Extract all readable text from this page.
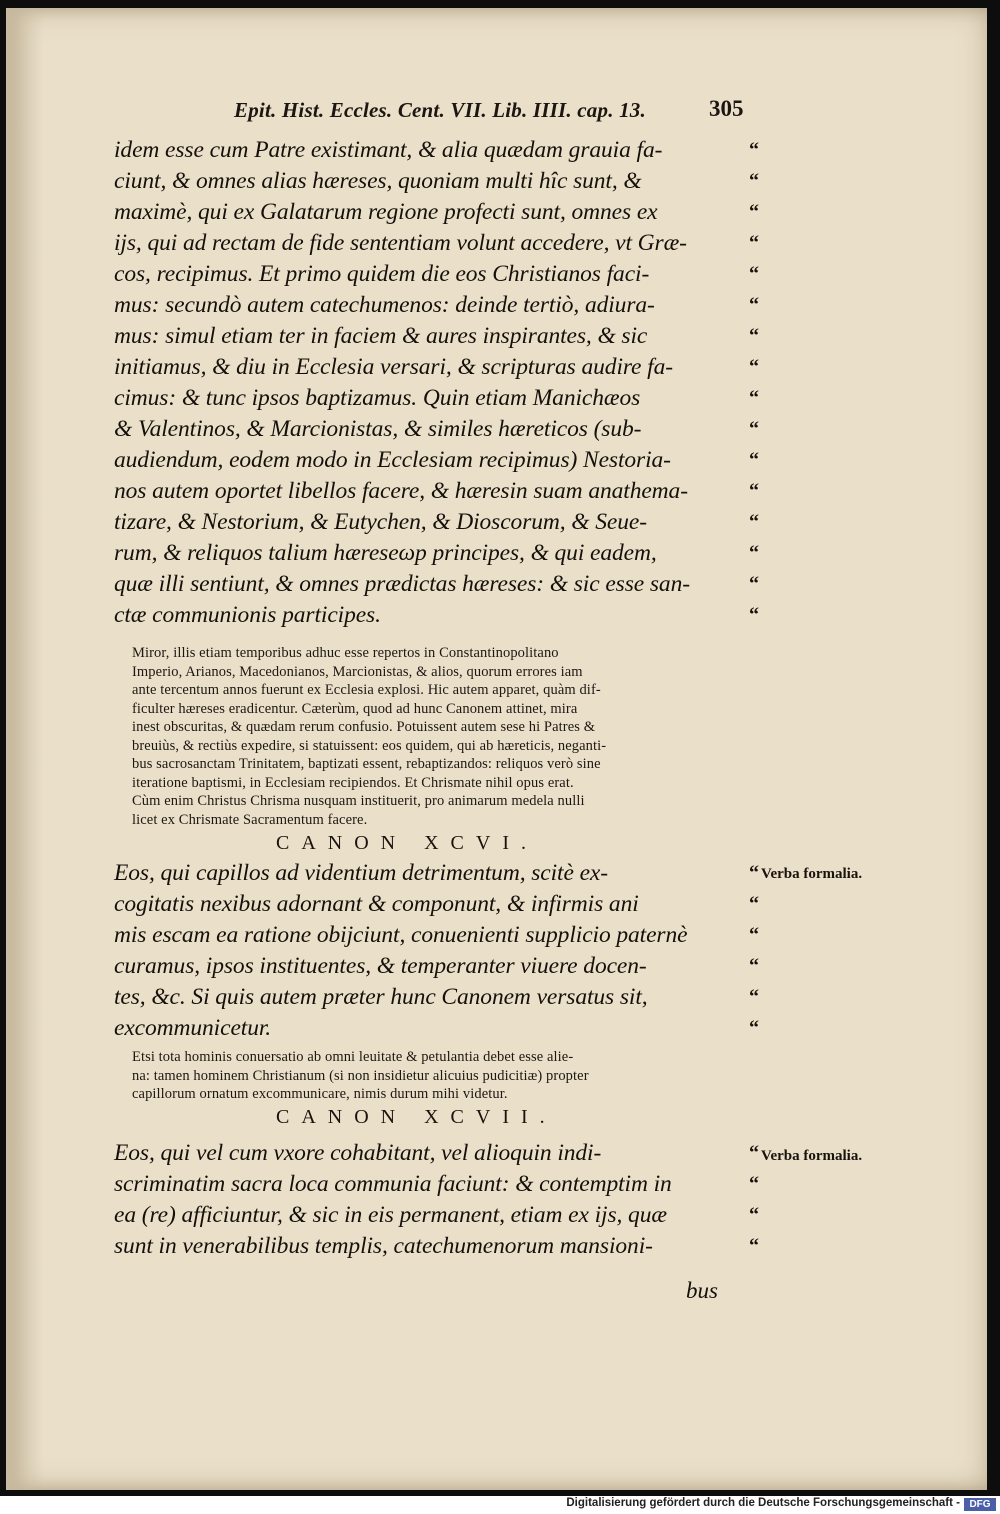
Epit. Hist. Eccles. Cent. VII. Lib. IIII. cap. 13.	305
idem esse cum Patre existimant, & alia quædam grauia fa-
ciunt, & omnes alias hæreses, quoniam multi hîc sunt, &
maximè, qui ex Galatarum regione profecti sunt, omnes ex
ijs, qui ad rectam de fide sententiam volunt accedere, vt Græ-
cos, recipimus. Et primo quidem die eos Christianos faci-
mus: secundò autem catechumenos: deinde tertiò, adiura-
mus: simul etiam ter in faciem & aures inspirantes, & sic
initiamus, & diu in Ecclesia versari, & scripturas audire fa-
cimus: & tunc ipsos baptizamus. Quin etiam Manichæos
& Valentinos, & Marcionistas, & similes hæreticos (sub-
audiendum, eodem modo in Ecclesiam recipimus) Nestoria-
nos autem oportet libellos facere, & hæresin suam anathema-
tizare, & Nestorium, & Eutychen, & Dioscorum, & Seue-
rum, & reliquos talium hæreseωp principes, & qui eadem,
quæ illi sentiunt, & omnes prædictas hæreses: & sic esse san-
ctæ communionis participes.
“
“
“
“
“
“
“
“
“
“
“
“
“
“
“
“
Miror, illis etiam temporibus adhuc esse repertos in Constantinopolitano
Imperio, Arianos, Macedonianos, Marcionistas, & alios, quorum errores iam
ante tercentum annos fuerunt ex Ecclesia explosi. Hic autem apparet, quàm dif-
ficulter hæreses eradicentur. Cæterùm, quod ad hunc Canonem attinet, mira
inest obscuritas, & quædam rerum confusio. Potuissent autem sese hi Patres &
breuiùs, & rectiùs expedire, si statuissent: eos quidem, qui ab hæreticis, neganti-
bus sacrosanctam Trinitatem, baptizati essent, rebaptizandos: reliquos verò sine
iteratione baptismi, in Ecclesiam recipiendos. Et Chrismate nihil opus erat.
Cùm enim Christus Chrisma nusquam instituerit, pro animarum medela nulli
licet ex Chrismate Sacramentum facere.
CANON XCVI.
Eos, qui capillos ad videntium detrimentum, scitè ex-
cogitatis nexibus adornant & componunt, & infirmis ani
mis escam ea ratione obijciunt, conuenienti supplicio paternè
curamus, ipsos instituentes, & temperanter viuere docen-
tes, &c. Si quis autem præter hunc Canonem versatus sit,
excommunicetur.
“
“
“
“
“
“
Verba formalia.
Etsi tota hominis conuersatio ab omni leuitate & petulantia debet esse alie-
na: tamen hominem Christianum (si non insidietur alicuius pudicitiæ) propter
capillorum ornatum excommunicare, nimis durum mihi videtur.
CANON XCVII.
Eos, qui vel cum vxore cohabitant, vel alioquin indi-
scriminatim sacra loca communia faciunt: & contemptim in
ea (re) afficiuntur, & sic in eis permanent, etiam ex ijs, quæ
sunt in venerabilibus templis, catechumenorum mansioni-
“
“
“
“
Verba formalia.
bus
Digitalisierung gefördert durch die Deutsche Forschungsgemeinschaft - DFG
